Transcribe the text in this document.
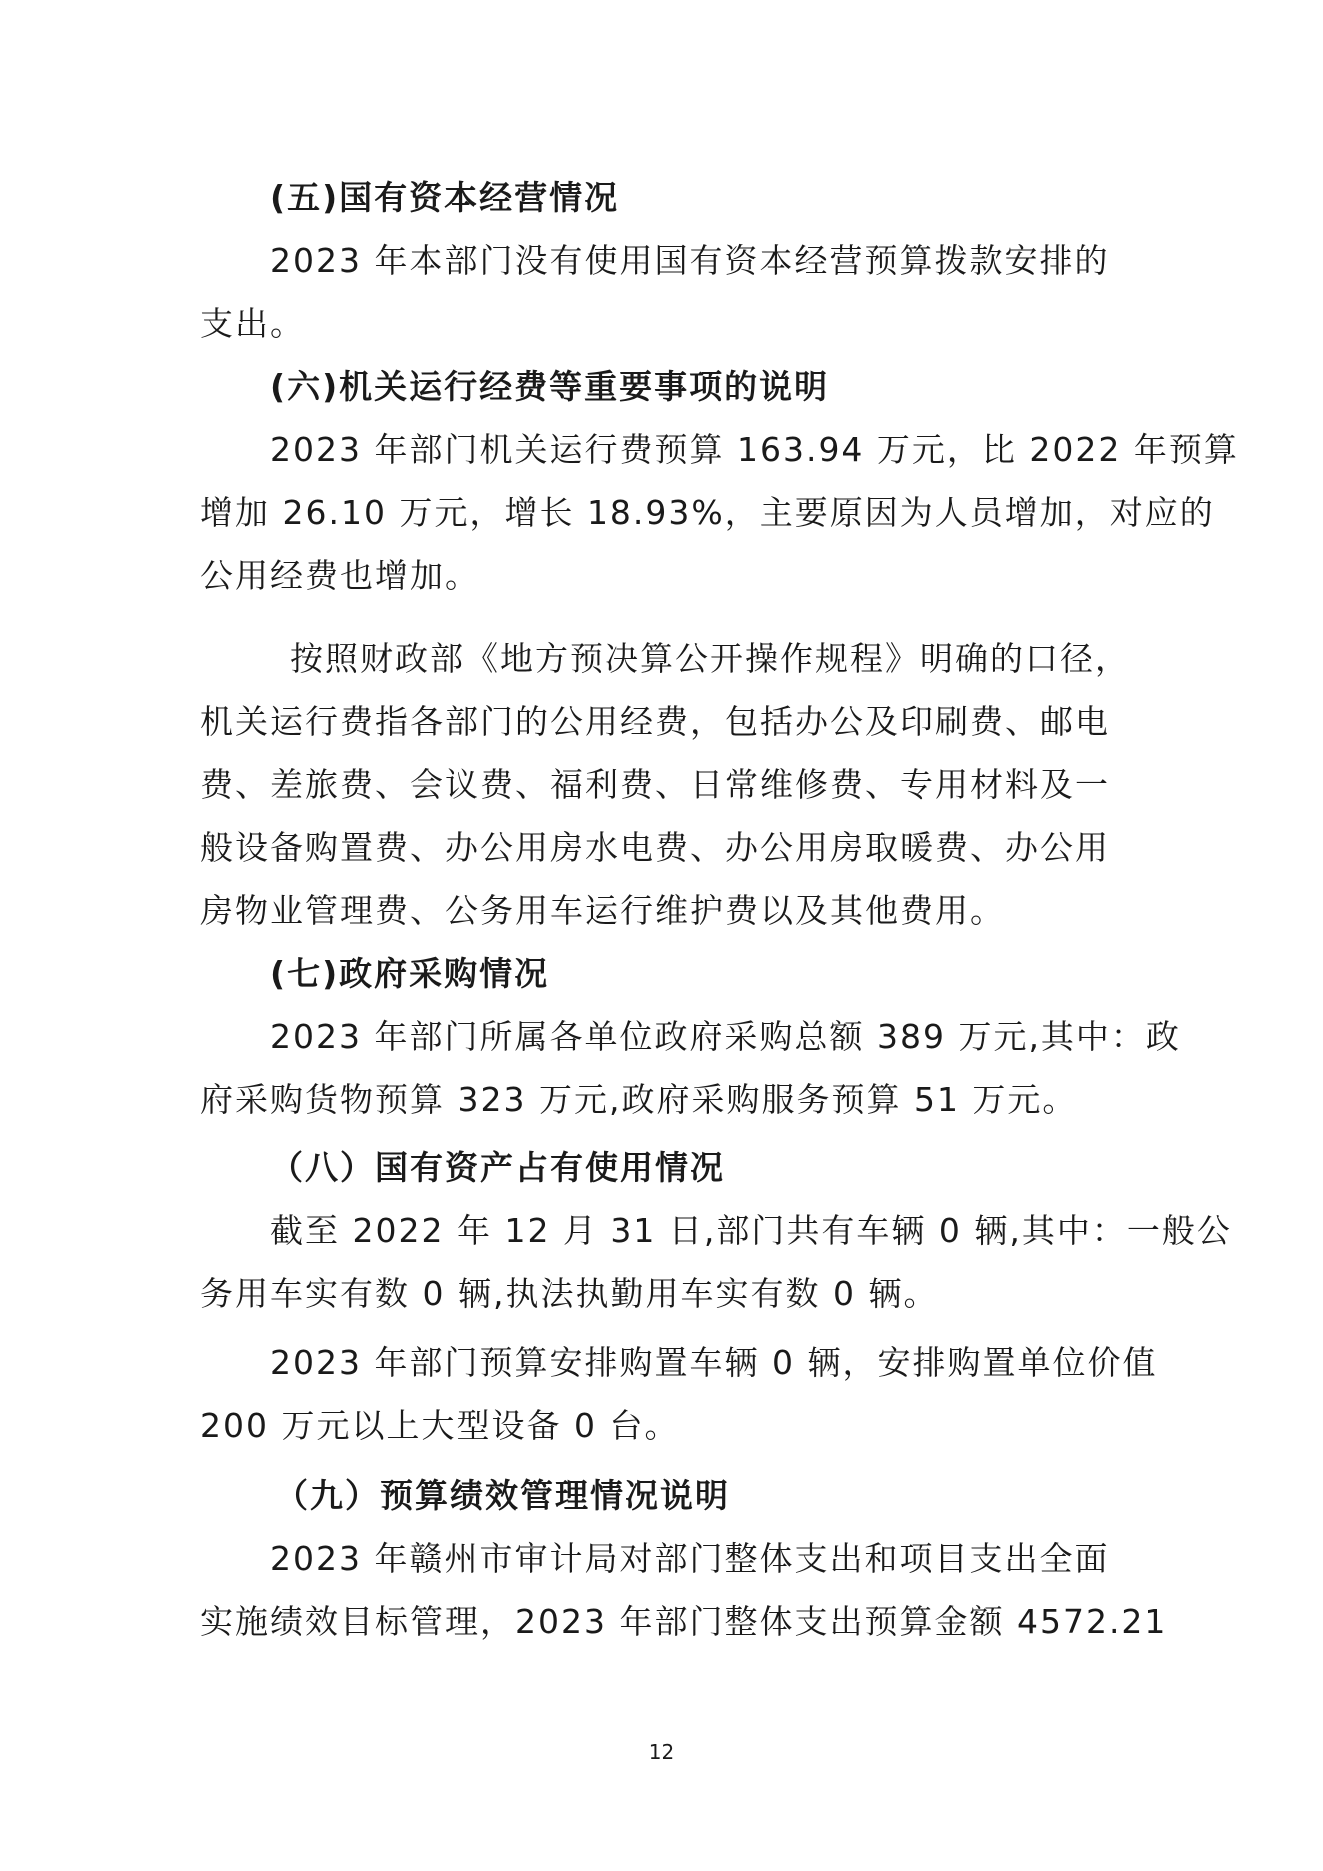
(五)国有资本经营情况
2023 年本部门没有使用国有资本经营预算拨款安排的
支出。
(六)机关运行经费等重要事项的说明
2023 年部门机关运行费预算 163.94 万元，比 2022 年预算
增加 26.10 万元，增长 18.93%，主要原因为人员增加，对应的
公用经费也增加。
按照财政部《地方预决算公开操作规程》明确的口径，
机关运行费指各部门的公用经费，包括办公及印刷费、邮电
费、差旅费、会议费、福利费、日常维修费、专用材料及一
般设备购置费、办公用房水电费、办公用房取暖费、办公用
房物业管理费、公务用车运行维护费以及其他费用。
(七)政府采购情况
2023 年部门所属各单位政府采购总额 389 万元,其中：政
府采购货物预算 323 万元,政府采购服务预算 51 万元。
（八）国有资产占有使用情况
截至 2022 年 12 月 31 日,部门共有车辆 0 辆,其中：一般公
务用车实有数 0 辆,执法执勤用车实有数 0 辆。
2023 年部门预算安排购置车辆 0 辆，安排购置单位价值
200 万元以上大型设备 0 台。
（九）预算绩效管理情况说明
2023 年赣州市审计局对部门整体支出和项目支出全面
实施绩效目标管理，2023 年部门整体支出预算金额 4572.21
12
